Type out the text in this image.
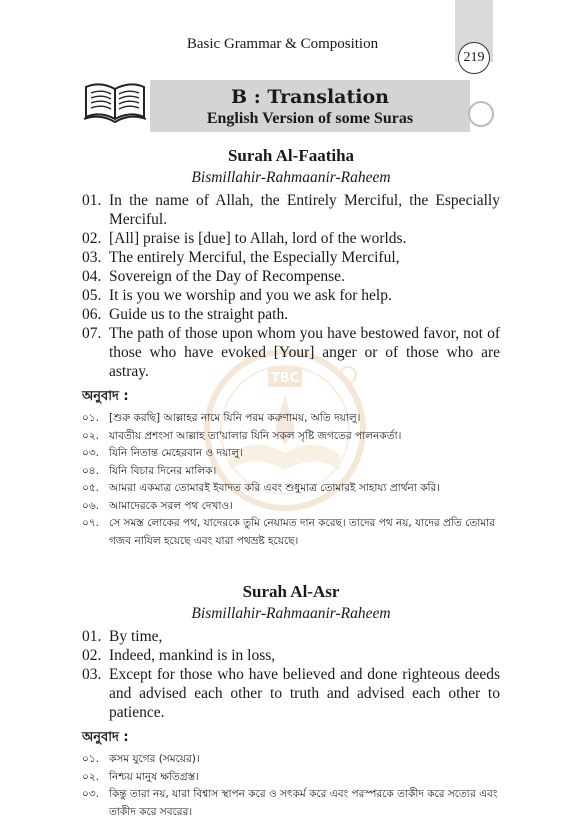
Basic Grammar & Composition
219
B : Translation
English Version of some Suras
TBC
Surah Al-Faatiha
Bismillahir-Rahmaanir-Raheem
01. In the name of Allah, the Entirely Merciful, the Especially Merciful.
02. [All] praise is [due] to Allah, lord of the worlds.
03. The entirely Merciful, the Especially Merciful,
04. Sovereign of the Day of Recompense.
05. It is you we worship and you we ask for help.
06. Guide us to the straight path.
07. The path of those upon whom you have bestowed favor, not of those who have evoked [Your] anger or of those who are astray.
অনুবাদ :
০১. [শুরু করছি] আল্লাহর নামে যিনি পরম করুণাময়, অতি দয়ালু।
০২. যাবতীয় প্রশংসা আল্লাহ তা'য়ালার যিনি সকল সৃষ্টি জগতের পালনকর্তা।
০৩. যিনি নিতান্ত মেহেরবান ও দয়ালু।
০৪. যিনি বিচার দিনের মালিক।
০৫. আমরা একমাত্র তোমারই ইবাদত করি এবং শুধুমাত্র তোমারই সাহায্য প্রার্থনা করি।
০৬. আমাদেরকে সরল পথ দেখাও।
০৭. সে সমস্ত লোকের পথ, যাদেরকে তুমি নেয়ামত দান করেছ। তাদের পথ নয়, যাদের প্রতি তোমার গজব নাযিল হয়েছে এবং যারা পথভ্রষ্ট হয়েছে।
Surah Al-Asr
Bismillahir-Rahmaanir-Raheem
01. By time,
02. Indeed, mankind is in loss,
03. Except for those who have believed and done righteous deeds and advised each other to truth and advised each other to patience.
অনুবাদ :
০১. কসম যুগের (সময়ের)।
০২. নিশ্চয় মানুষ ক্ষতিগ্রস্ত।
০৩. কিন্তু তারা নয়, যারা বিশ্বাস স্থাপন করে ও সৎকর্ম করে এবং পরস্পরকে তাকীদ করে সত্যের এবং তাকীদ করে সবরের।
